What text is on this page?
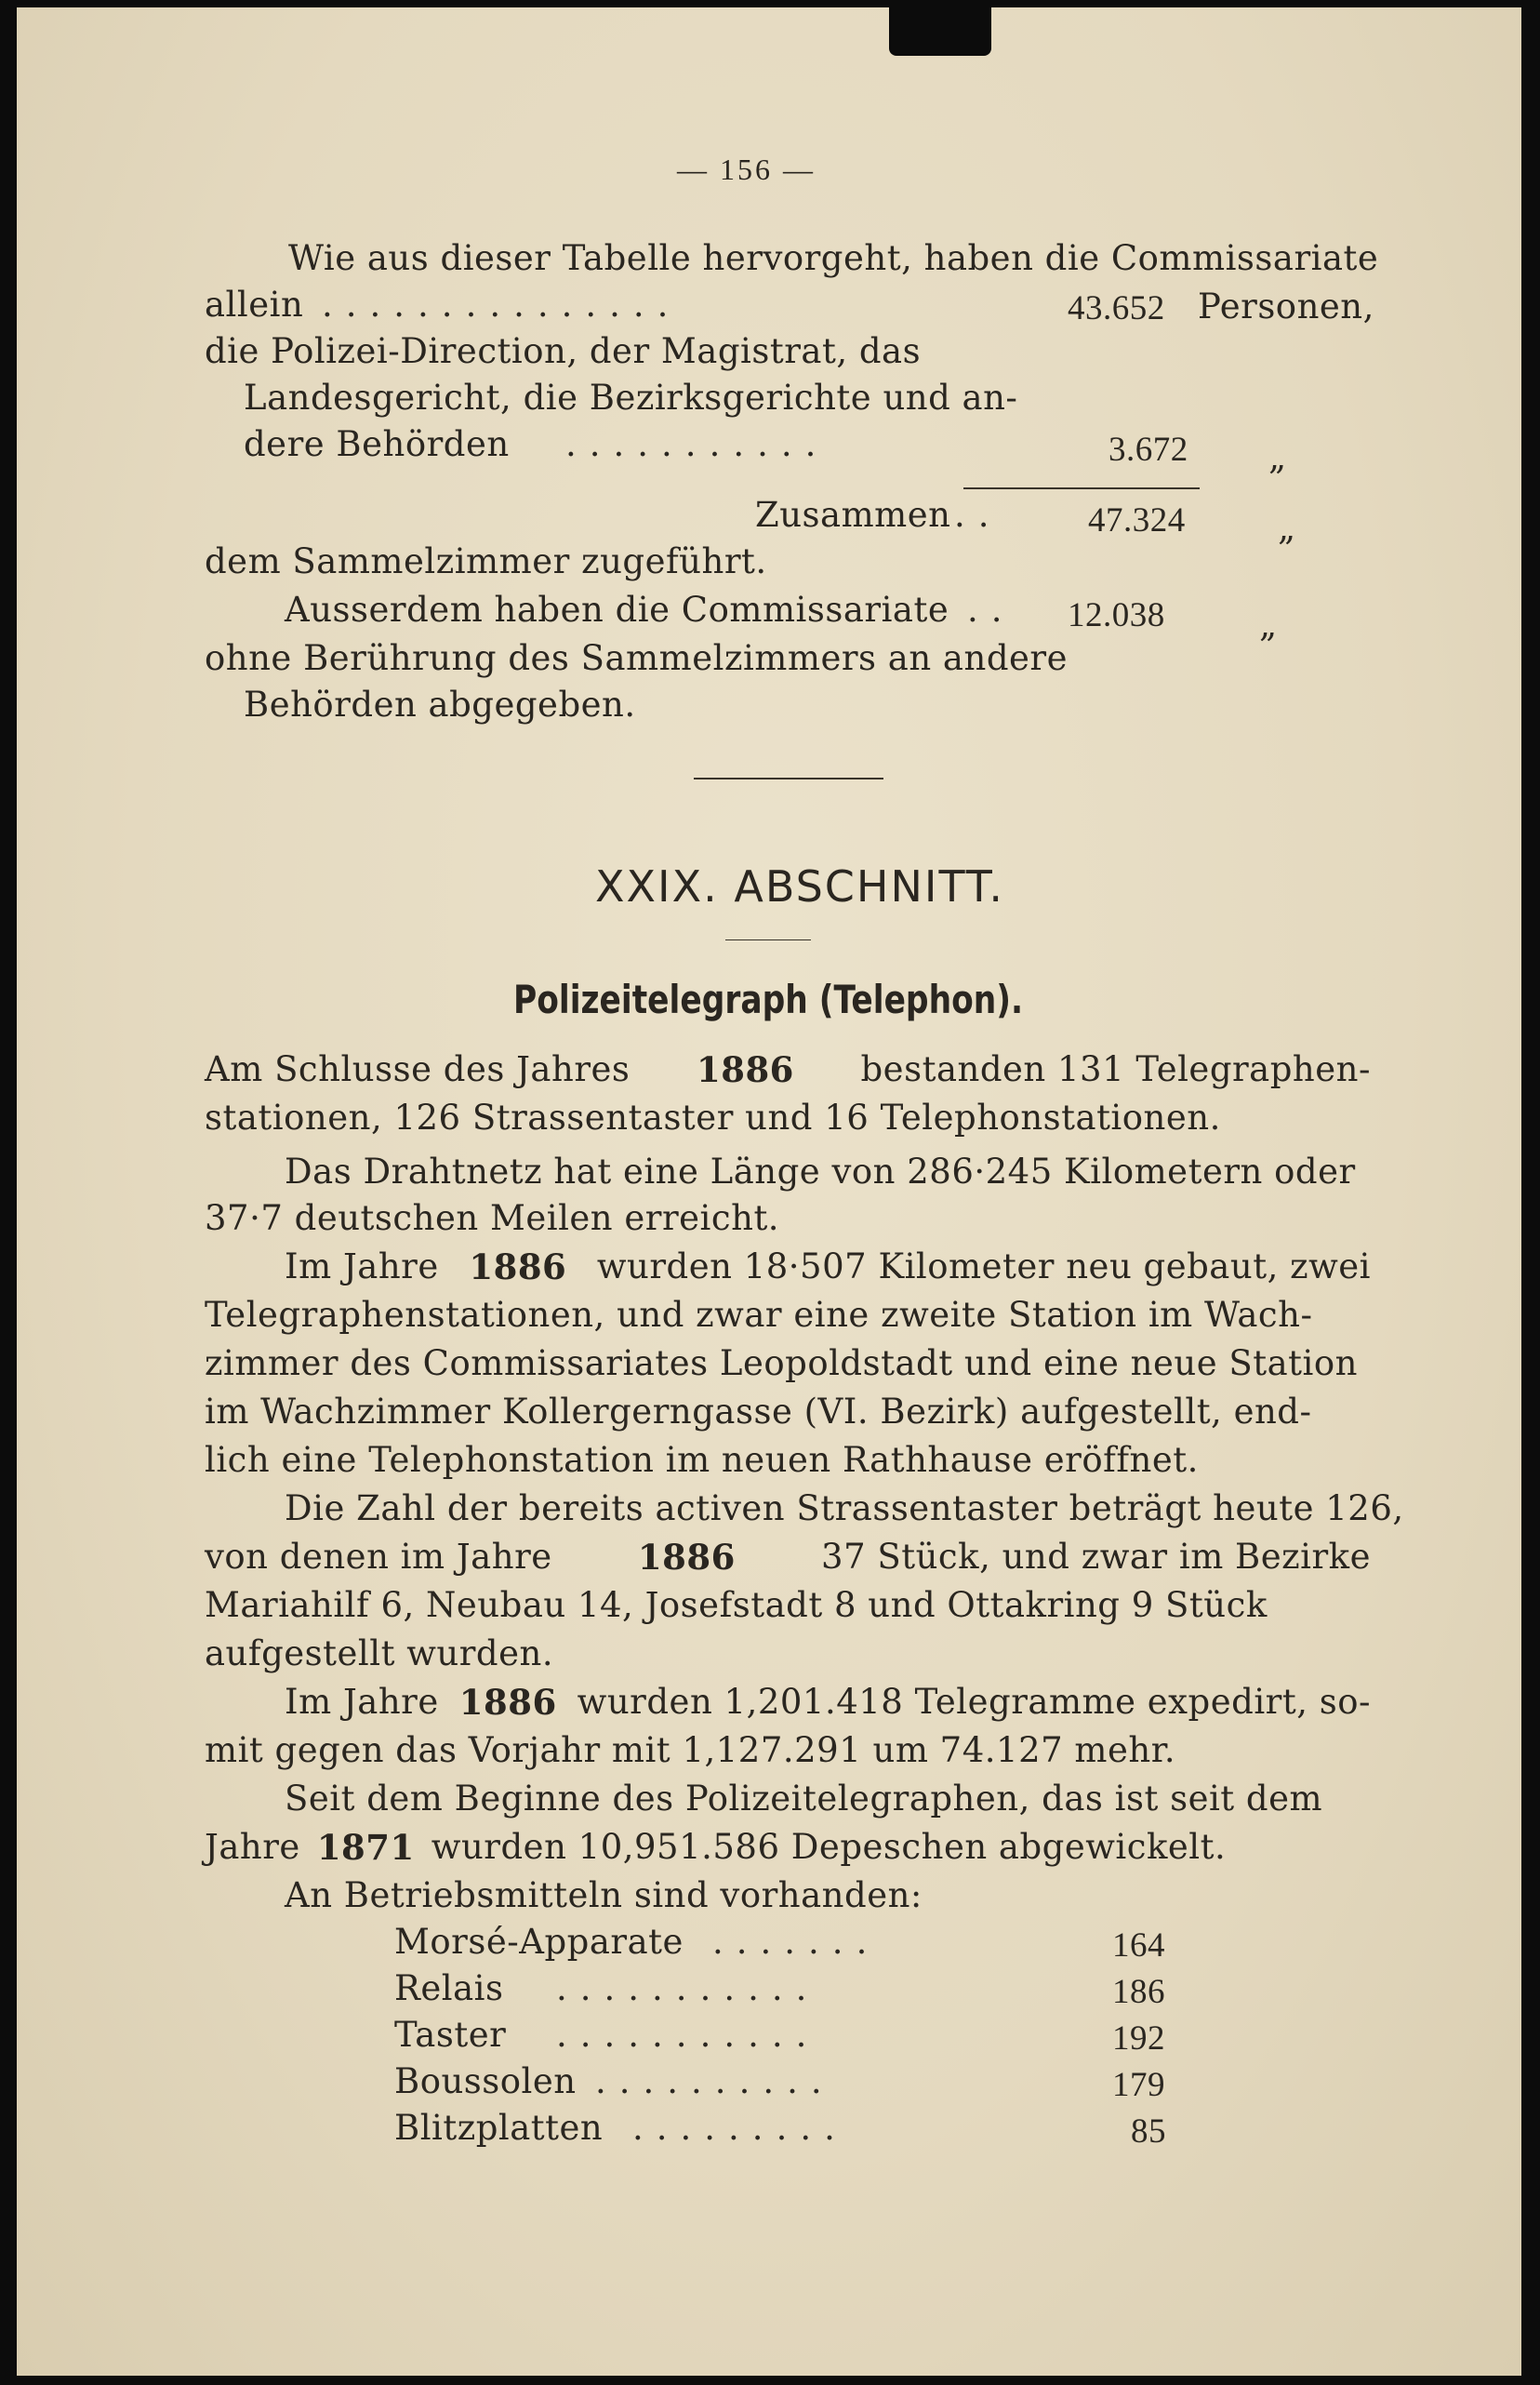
— 156 —
Wie aus dieser Tabelle hervorgeht, haben die Commissariate
allein ...............	43.652 Personen,
die Polizei-Direction, der Magistrat, das
Landesgericht, die Bezirksgerichte und an-
dere Behörden ...........	3.672 „
Zusammen .. 47.324	„
dem Sammelzimmer zugeführt.
Ausserdem haben die Commissariate .. 12.038	„
ohne Berührung des Sammelzimmers an andere
Behörden abgegeben.
XXIX. ABSCHNITT.
Polizeitelegraph (Telephon).
Am Schlusse des Jahres 1886 bestanden 131 Telegraphen-
stationen, 126 Strassentaster und 16 Telephonstationen.
Das Drahtnetz hat eine Länge von 286·245 Kilometern oder
37·7 deutschen Meilen erreicht.
Im Jahre 1886 wurden 18·507 Kilometer neu gebaut, zwei
Telegraphenstationen, und zwar eine zweite Station im Wach-
zimmer des Commissariates Leopoldstadt und eine neue Station
im Wachzimmer Kollergerngasse (VI. Bezirk) aufgestellt, end-
lich eine Telephonstation im neuen Rathhause eröffnet.
Die Zahl der bereits activen Strassentaster beträgt heute 126,
von denen im Jahre 1886 37 Stück, und zwar im Bezirke
Mariahilf 6, Neubau 14, Josefstadt 8 und Ottakring 9 Stück
aufgestellt wurden.
Im Jahre 1886 wurden 1,201.418 Telegramme expedirt, so-
mit gegen das Vorjahr mit 1,127.291 um 74.127 mehr.
Seit dem Beginne des Polizeitelegraphen, das ist seit dem
Jahre 1871 wurden 10,951.586 Depeschen abgewickelt.
An Betriebsmitteln sind vorhanden:
Morsé-Apparate .......	164
Relais ...........	186
Taster ...........	192
Boussolen ..........	179
Blitzplatten .........	85
